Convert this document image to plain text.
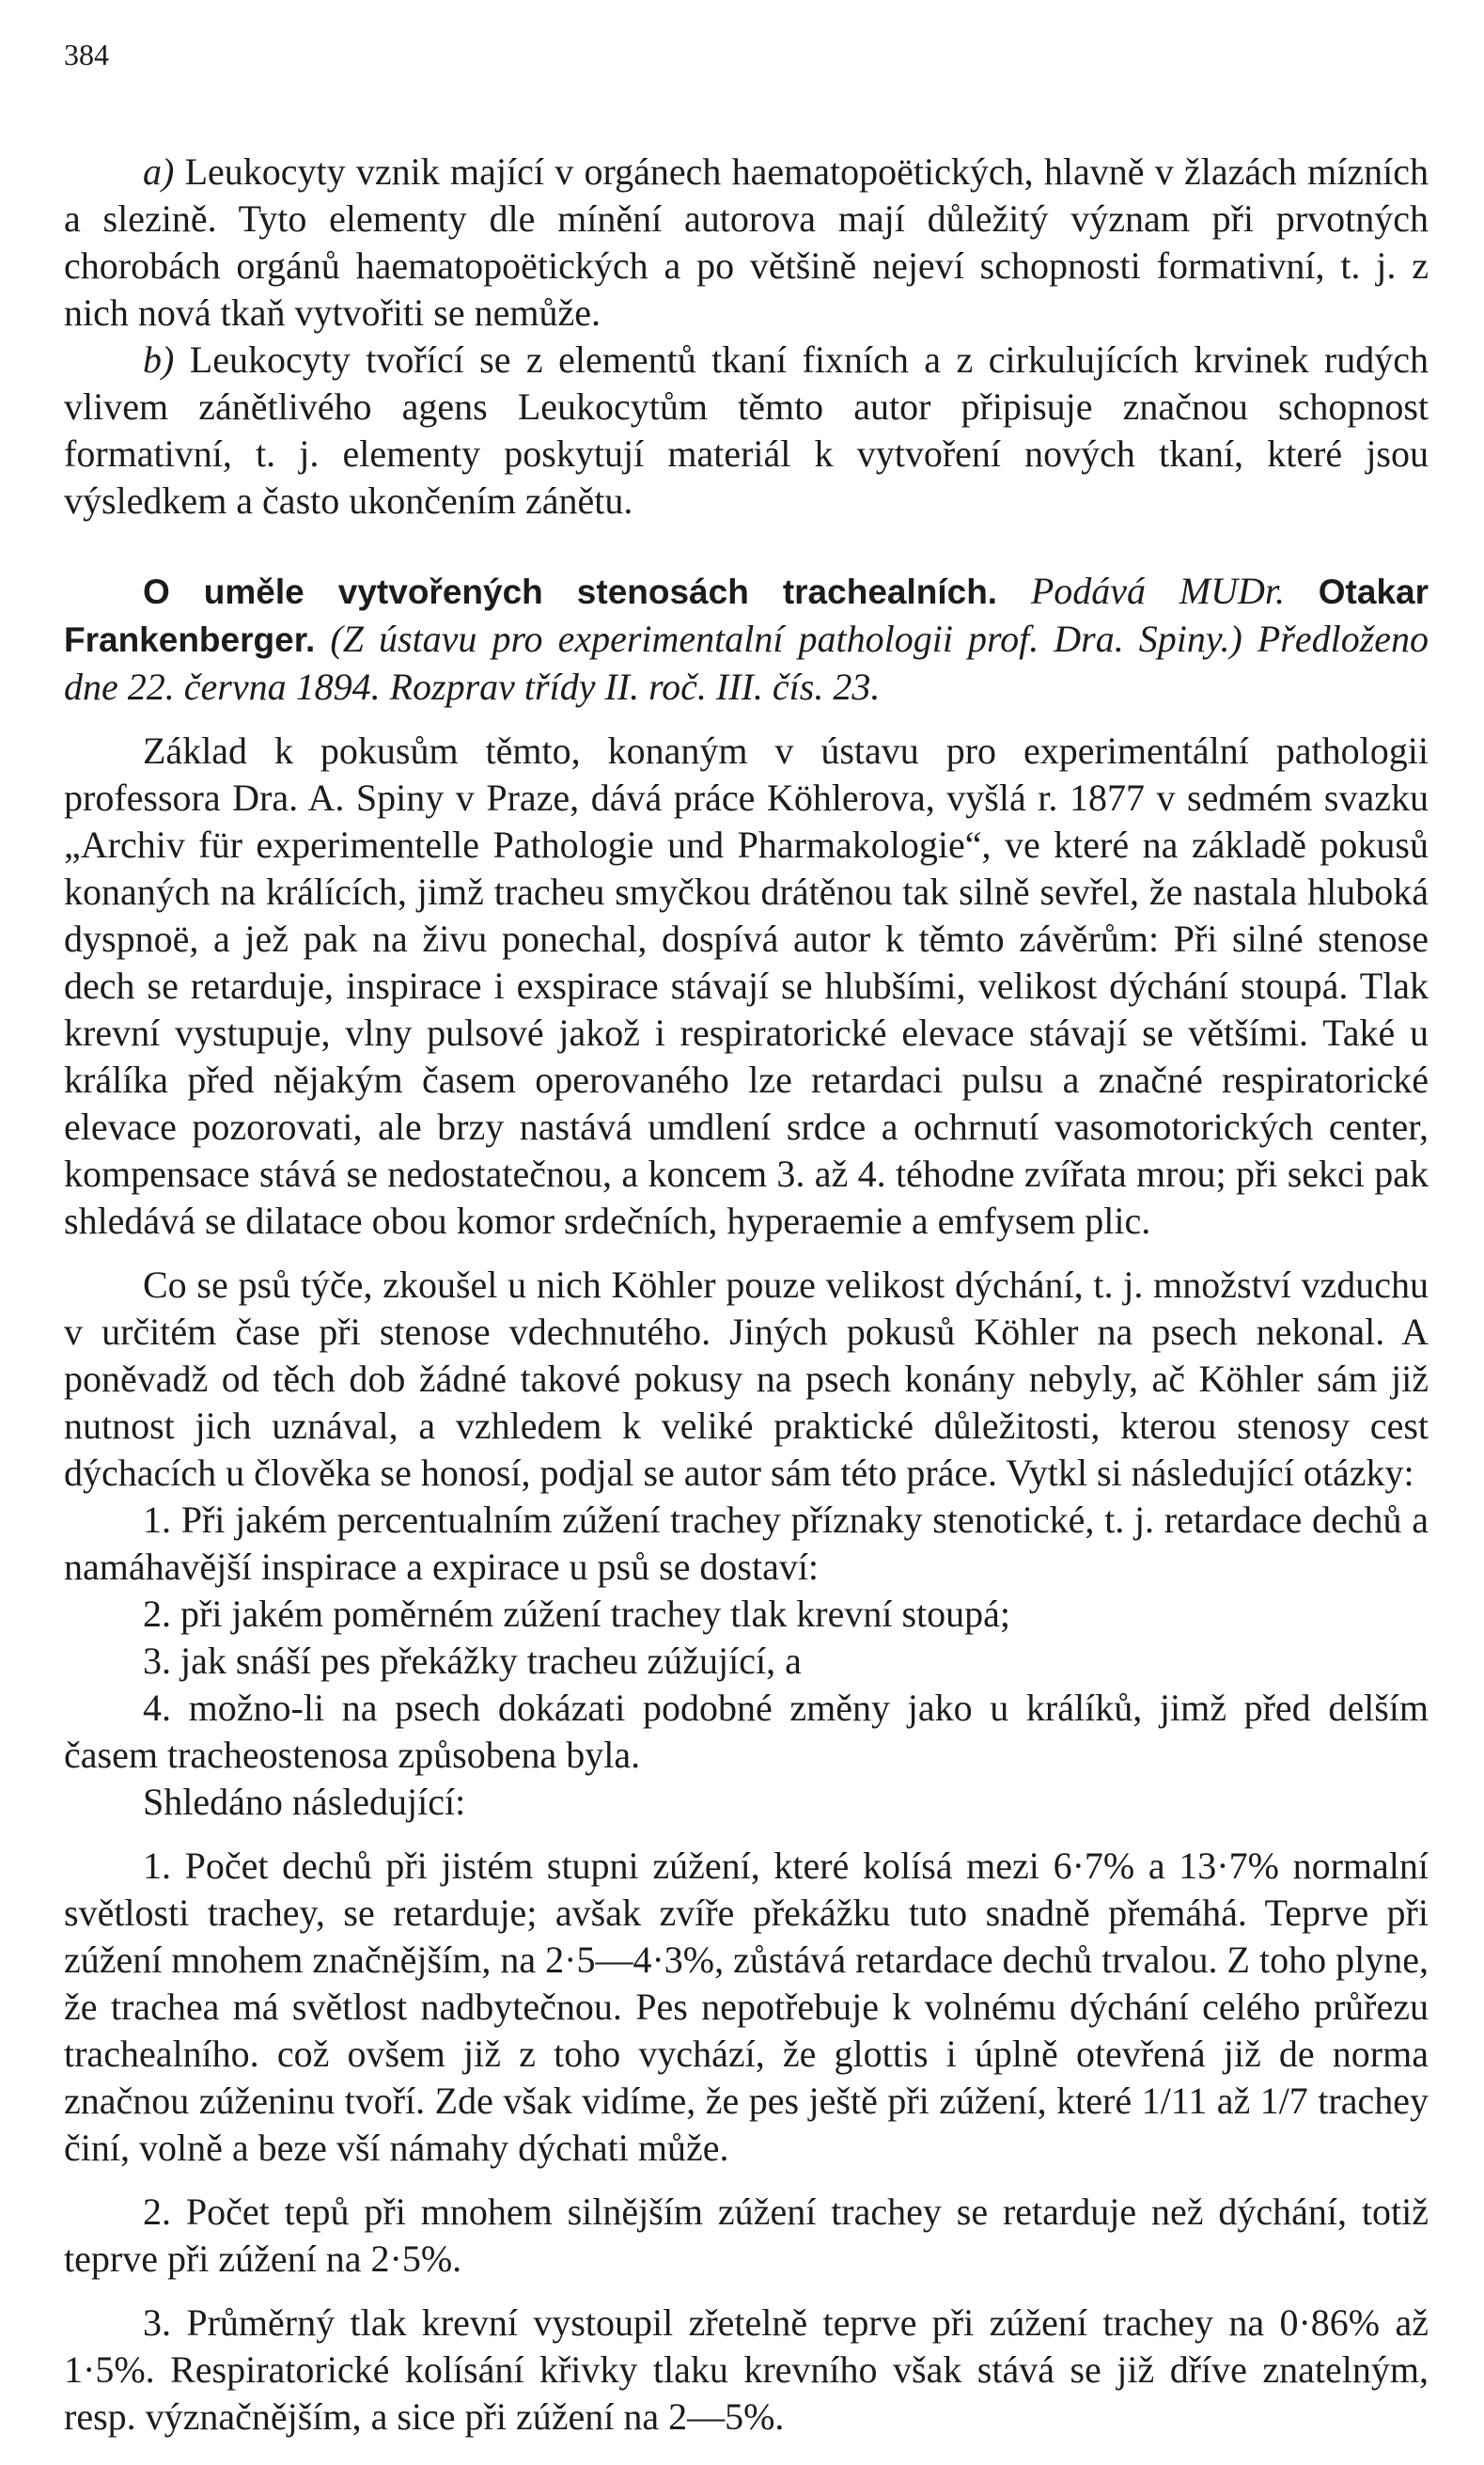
384

a) Leukocyty vznik mající v orgánech haematopoëtických, hlavně v žlazách mízních a slezině. Tyto elementy dle mínění autorova mají důležitý význam při prvotných chorobách orgánů haematopoëtických a po většině nejeví schopnosti formativní, t. j. z nich nová tkaň vytvořiti se nemůže.

b) Leukocyty tvořící se z elementů tkaní fixních a z cirkulujících krvinek rudých vlivem zánětlivého agens Leukocytům těmto autor připisuje značnou schopnost formativní, t. j. elementy poskytují materiál k vytvoření nových tkaní, které jsou výsledkem a často ukončením zánětu.

O uměle vytvořených stenosách trachealních. Podává MUDr. Otakar Frankenberger. (Z ústavu pro experimentalní pathologii prof. Dra. Spiny.) Předloženo dne 22. června 1894. Rozprav třídy II. roč. III. čís. 23.

Základ k pokusům těmto, konaným v ústavu pro experimentální pathologii professora Dra. A. Spiny v Praze, dává práce Köhlerova, vyšlá r. 1877 v sedmém svazku „Archiv für experimentelle Pathologie und Pharmakologie“, ve které na základě pokusů konaných na králících, jimž tracheu smyčkou drátěnou tak silně sevřel, že nastala hluboká dyspnoë, a jež pak na živu ponechal, dospívá autor k těmto závěrům: Při silné stenose dech se retarduje, inspirace i exspirace stávají se hlubšími, velikost dýchání stoupá. Tlak krevní vystupuje, vlny pulsové jakož i respiratorické elevace stávají se většími. Také u králíka před nějakým časem operovaného lze retardaci pulsu a značné respiratorické elevace pozorovati, ale brzy nastává umdlení srdce a ochrnutí vasomotorických center, kompensace stává se nedostatečnou, a koncem 3. až 4. téhodne zvířata mrou; při sekci pak shledává se dilatace obou komor srdečních, hyperaemie a emfysem plic.

Co se psů týče, zkoušel u nich Köhler pouze velikost dýchání, t. j. množství vzduchu v určitém čase při stenose vdechnutého. Jiných pokusů Köhler na psech nekonal. A poněvadž od těch dob žádné takové pokusy na psech konány nebyly, ač Köhler sám již nutnost jich uznával, a vzhledem k veliké praktické důležitosti, kterou stenosy cest dýchacích u člověka se honosí, podjal se autor sám této práce. Vytkl si následující otázky:

1. Při jakém percentualním zúžení trachey příznaky stenotické, t. j. retardace dechů a namáhavější inspirace a expirace u psů se dostaví:

2. při jakém poměrném zúžení trachey tlak krevní stoupá;

3. jak snáší pes překážky tracheu zúžující, a

4. možno-li na psech dokázati podobné změny jako u králíků, jimž před delším časem tracheostenosa způsobena byla.

Shledáno následující:

1. Počet dechů při jistém stupni zúžení, které kolísá mezi 6·7% a 13·7% normalní světlosti trachey, se retarduje; avšak zvíře překážku tuto snadně přemáhá. Teprve při zúžení mnohem značnějším, na 2·5—4·3%, zůstává retardace dechů trvalou. Z toho plyne, že trachea má světlost nadbytečnou. Pes nepotřebuje k volnému dýchání celého průřezu trachealního. což ovšem již z toho vychází, že glottis i úplně otevřená již de norma značnou zúženinu tvoří. Zde však vidíme, že pes ještě při zúžení, které 1/11 až 1/7 trachey činí, volně a beze vší námahy dýchati může.

2. Počet tepů při mnohem silnějším zúžení trachey se retarduje než dýchání, totiž teprve při zúžení na 2·5%.

3. Průměrný tlak krevní vystoupil zřetelně teprve při zúžení trachey na 0·86% až 1·5%. Respiratorické kolísání křivky tlaku krevního však stává se již dříve znatelným, resp. význačnějším, a sice při zúžení na 2—5%.
